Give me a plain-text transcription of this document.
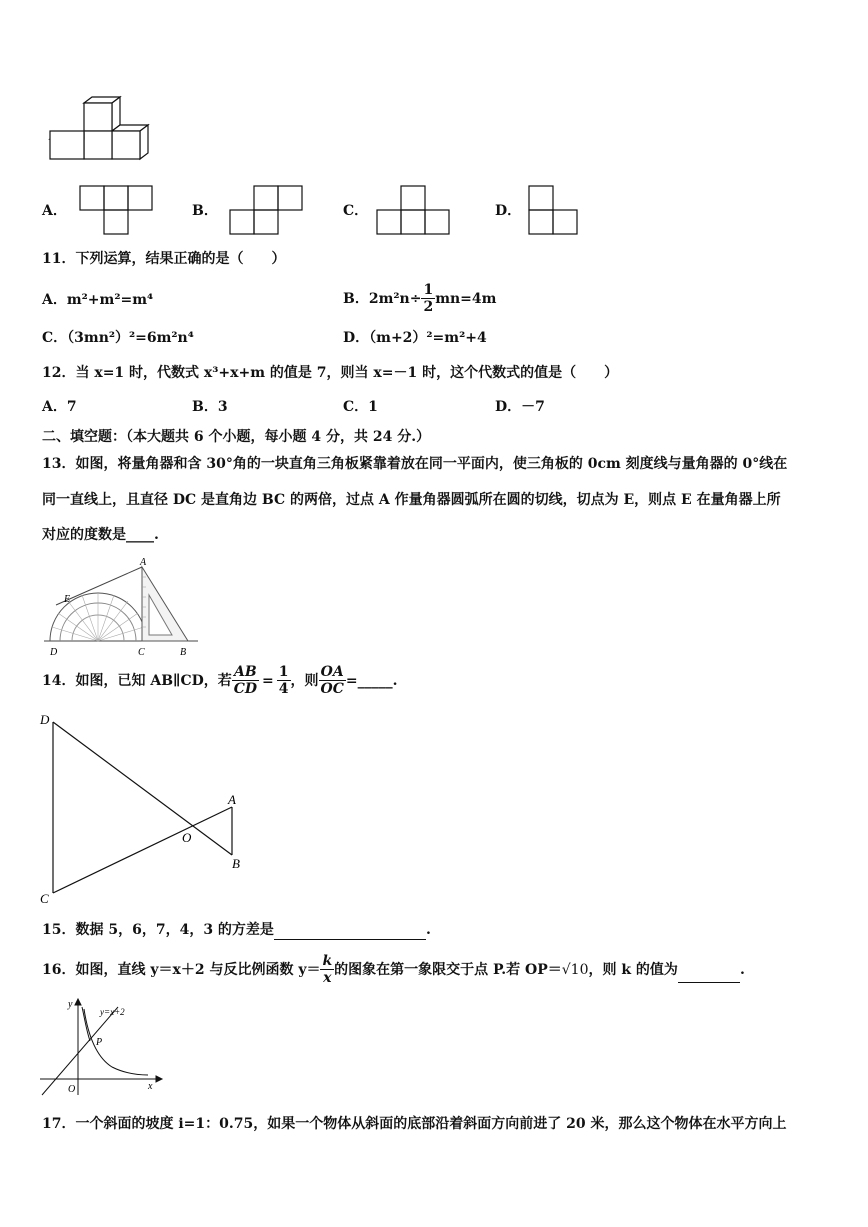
A．	B．	C．	D．
11．下列运算，结果正确的是（　　）
A．m²+m²=m⁴	B．$2m^2n\div \frac{1}{2} mn=4m$
C．（3mn²）²=6m²n⁴	D．（m+2）²=m²+4
12．当 x=1 时，代数式 x³+x+m 的值是 7，则当 x=－1 时，这个代数式的值是（　　）
A．7	B．3	C．1	D．－7
二、填空题：（本大题共 6 个小题，每小题 4 分，共 24 分.）
13．如图，将量角器和含 30°角的一块直角三角板紧靠着放在同一平面内，使三角板的 0cm 刻度线与量角器的 0°线在
同一直线上，且直径 DC 是直角边 BC 的两倍，过点 A 作量角器圆弧所在圆的切线，切点为 E，则点 E 在量角器上所
对应的度数是____.
A
E
D	C	B
14．如图，已知 AB∥CD，若 $\frac{AB}{CD} = \frac{1}{4}$ ，则 $\frac{OA}{OC}$ =_____.
D
A
O
B
C
15．数据 5，6，7，4，3 的方差是	.
16．如图，直线 y＝x＋2 与反比例函数 $y= \frac{k}{x}$ 的图象在第一象限交于点 P.若 OP＝ √10 ，则 k 的值为	.
y
y=x+2
P
O	x
17．一个斜面的坡度 i=1：0.75，如果一个物体从斜面的底部沿着斜面方向前进了 20 米，那么这个物体在水平方向上
